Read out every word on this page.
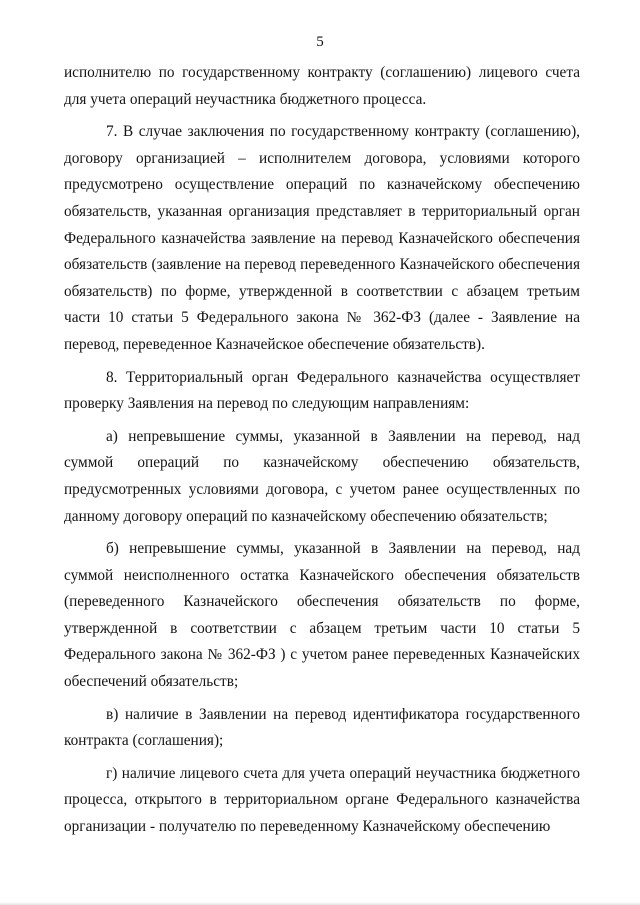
5

исполнителю по государственному контракту (соглашению) лицевого счета для учета операций неучастника бюджетного процесса.

7. В случае заключения по государственному контракту (соглашению), договору организацией – исполнителем договора, условиями которого предусмотрено осуществление операций по казначейскому обеспечению обязательств, указанная организация представляет в территориальный орган Федерального казначейства заявление на перевод Казначейского обеспечения обязательств (заявление на перевод переведенного Казначейского обеспечения обязательств) по форме, утвержденной в соответствии с абзацем третьим части 10 статьи 5 Федерального закона № 362-ФЗ (далее - Заявление на перевод, переведенное Казначейское обеспечение обязательств).

8. Территориальный орган Федерального казначейства осуществляет проверку Заявления на перевод по следующим направлениям:

а) непревышение суммы, указанной в Заявлении на перевод, над суммой операций по казначейскому обеспечению обязательств, предусмотренных условиями договора, с учетом ранее осуществленных по данному договору операций по казначейскому обеспечению обязательств;

б) непревышение суммы, указанной в Заявлении на перевод, над суммой неисполненного остатка Казначейского обеспечения обязательств (переведенного Казначейского обеспечения обязательств по форме, утвержденной в соответствии с абзацем третьим части 10 статьи 5 Федерального закона № 362-ФЗ ) с учетом ранее переведенных Казначейских обеспечений обязательств;

в) наличие в Заявлении на перевод идентификатора государственного контракта (соглашения);

г) наличие лицевого счета для учета операций неучастника бюджетного процесса, открытого в территориальном органе Федерального казначейства организации - получателю по переведенному Казначейскому обеспечению
